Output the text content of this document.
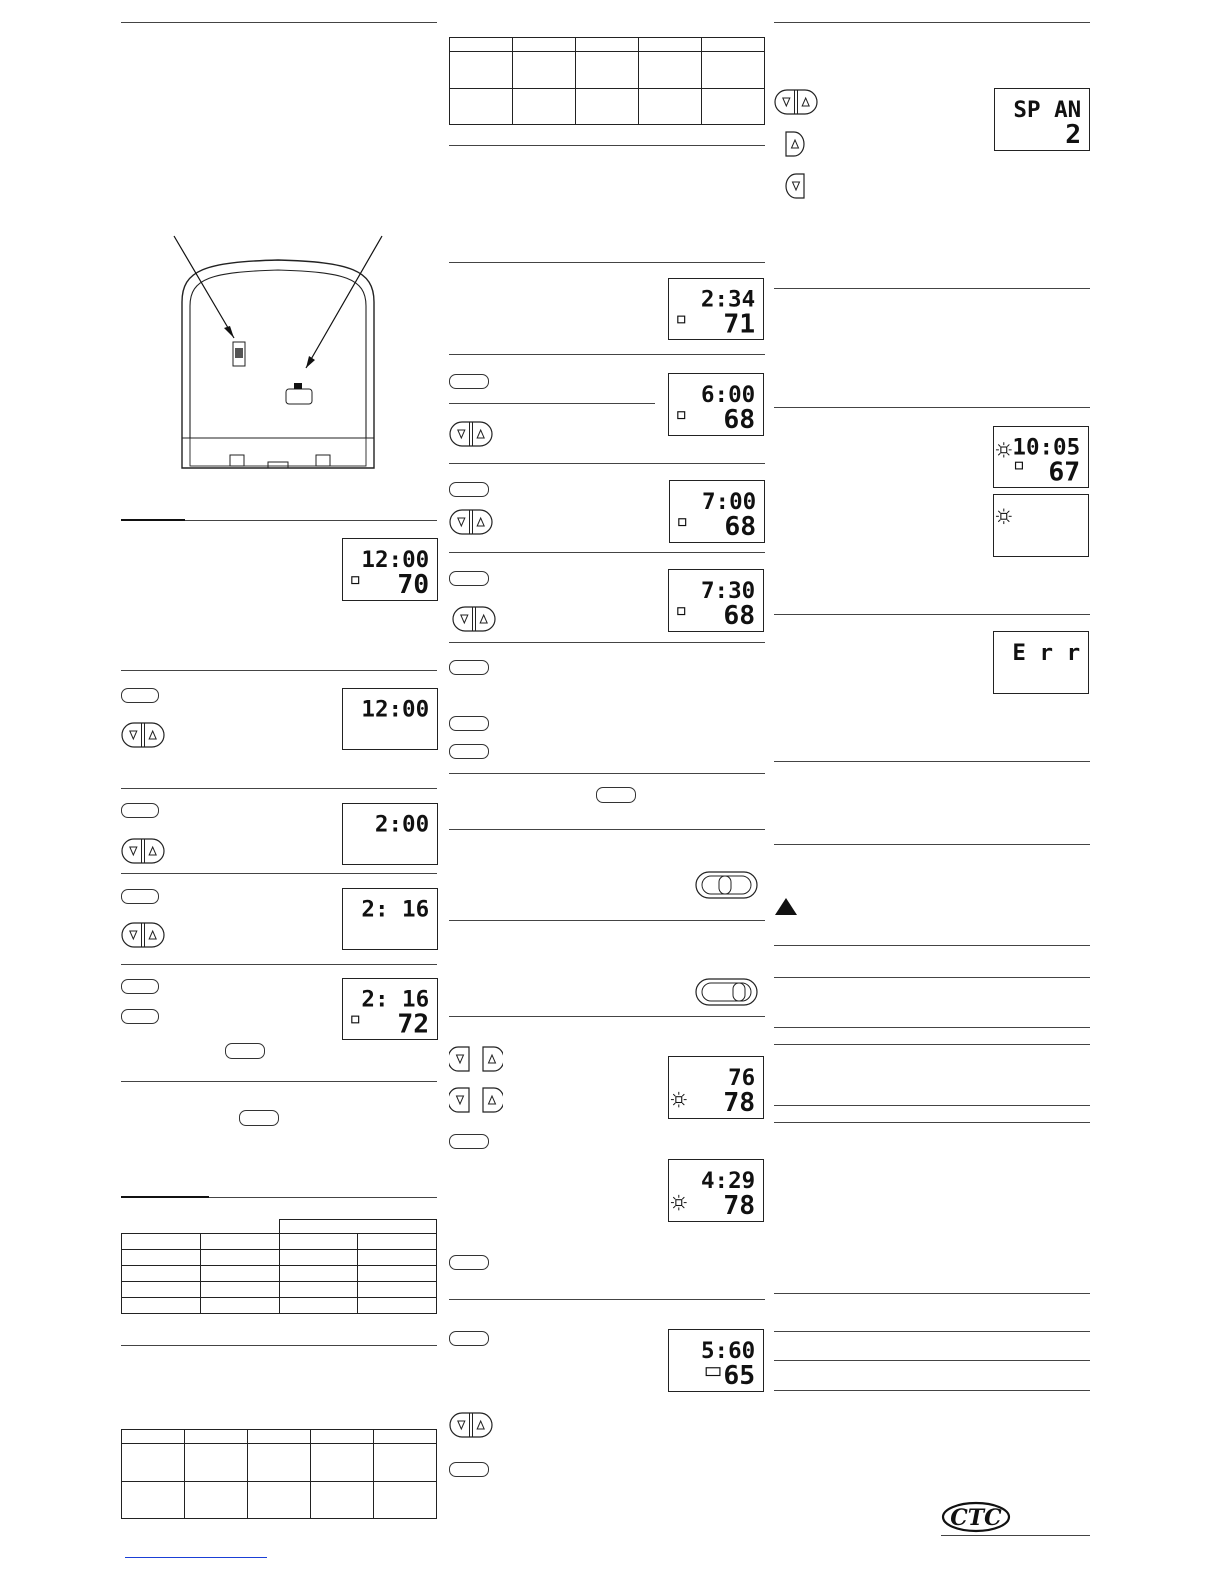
12:00
70
12:00
2:00
2: 16
2: 16
72

2:34
71
6:00
68
7:00
68
7:30
68
76
78
4:29
78
5:60
65
SP AN
2
10:05
67
E r r
CTC
